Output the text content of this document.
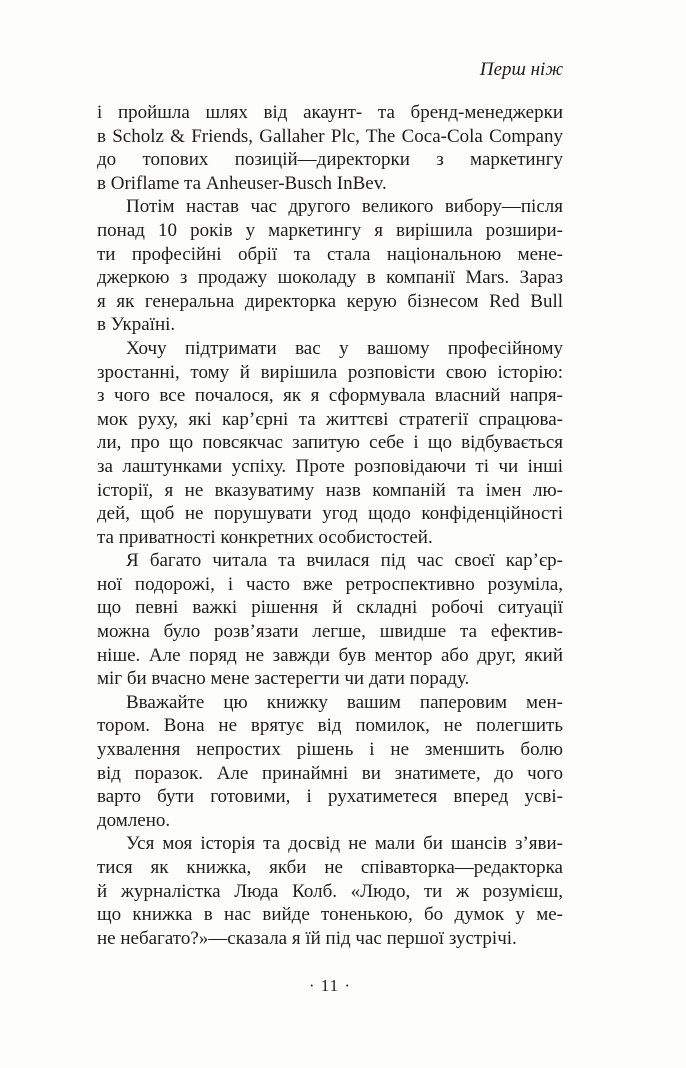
Перш ніж
і пройшла шлях від акаунт- та бренд-менеджерки
в Scholz & Friends, Gallaher Plc, The Coca-Cola Company
до топових позицій—директорки з маркетингу
в Oriflame та Anheuser-Busch InBev.
Потім настав час другого великого вибору—після
понад 10 років у маркетингу я вирішила розшири-
ти професійні обрії та стала національною мене-
джеркою з продажу шоколаду в компанії Mars. Зараз
я як генеральна директорка керую бізнесом Red Bull
в Україні.
Хочу підтримати вас у вашому професійному
зростанні, тому й вирішила розповісти свою історію:
з чого все почалося, як я сформувала власний напря-
мок руху, які кар’єрні та життєві стратегії спрацюва-
ли, про що повсякчас запитую себе і що відбувається
за лаштунками успіху. Проте розповідаючи ті чи інші
історії, я не вказуватиму назв компаній та імен лю-
дей, щоб не порушувати угод щодо конфіденційності
та приватності конкретних особистостей.
Я багато читала та вчилася під час своєї кар’єр-
ної подорожі, і часто вже ретроспективно розуміла,
що певні важкі рішення й складні робочі ситуації
можна було розв’язати легше, швидше та ефектив-
ніше. Але поряд не завжди був ментор або друг, який
міг би вчасно мене застерегти чи дати пораду.
Вважайте цю книжку вашим паперовим мен-
тором. Вона не врятує від помилок, не полегшить
ухвалення непростих рішень і не зменшить болю
від поразок. Але принаймні ви знатимете, до чого
варто бути готовими, і рухатиметеся вперед усві-
домлено.
Уся моя історія та досвід не мали би шансів з’яви-
тися як книжка, якби не співавторка—редакторка
й журналістка Люда Колб. «Людо, ти ж розумієш,
що книжка в нас вийде тоненькою, бо думок у ме-
не небагато?»—сказала я їй під час першої зустрічі.
· 11 ·
